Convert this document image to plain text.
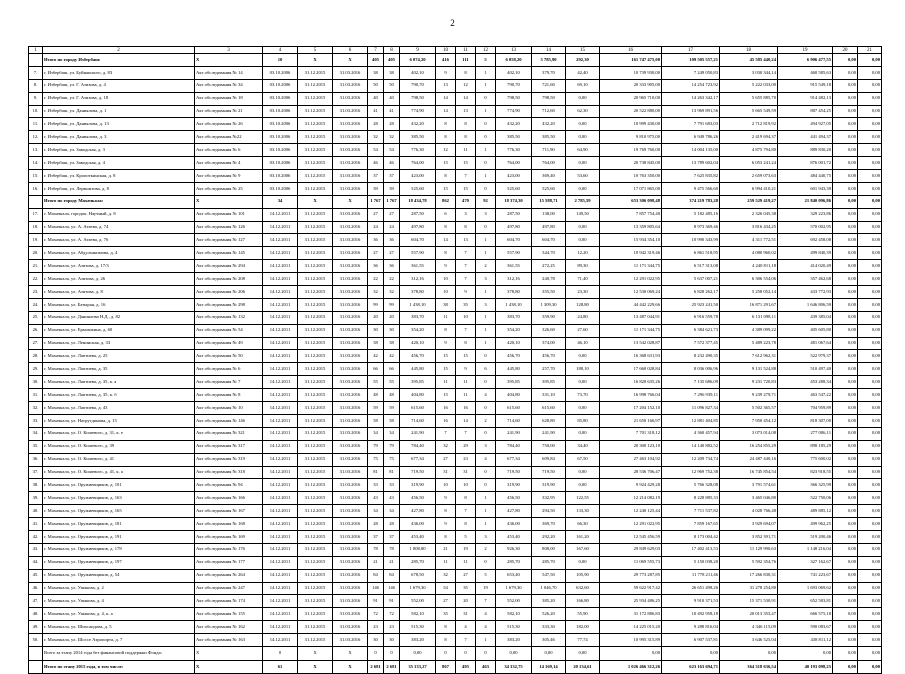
2
1	2	3	4	5	6	7	8	9	10	11	12	13	14	15	16	17	18	19	20	21
	Итого по городу Избербаш:	X	10	X	X	405	405	6 074,20	416	111	5	6 058,20	5 785,90	292,30	161 747 475,00	109 505 557,21	45 585 440,24	6 906 477,55	0,00	0,00
7.	г. Избербаш, ул. Буйнакского, д. 83	Акт обследования № 14	03.10.2006	31.12.2015	31.03.2016	38	38	402,10	9	8	1	402,10	379,70	42,40	10 739 930,00	7 249 050,83	3 030 344,14	460 585,63	0,00	0,00
8.	г. Избербаш, ул. Г. Азизова, д. 4	Акт обследования № 34	03.10.2006	31.12.2015	31.03.2016	50	50	790,70	13	12	1	790,70	721,60	69,10	20 333 905,00	14 254 723,92	5 222 033,00	915 549,18	0,00	0,00
9.	г. Избербаш, ул. Г. Азизова, д. 18	Акт обследования № 18	03.10.2006	31.12.2015	31.03.2016	40	40	798,50	14	14	0	798,50	798,50	0,00	20 965 710,00	14 263 342,17	5 655 885,70	914 482,13	0,00	0,00
10.	г. Избербаш, ул. Даниялова, д. 1	Акт обследования № 21	03.10.2006	31.12.2015	31.03.2016	41	41	774,90	14	13	1	774,90	712,60	62,30	20 522 880,00	13 969 891,56	5 665 549,59	887 454,25	0,00	0,00
11.	г. Избербаш, ул. Даниялова, д. 13	Акт обследования № 26	03.10.2006	31.12.2015	31.03.2016	28	28	432,20	8	8	0	432,20	432,20	0,00	10 999 430,00	7 791 683,03	2 712 819,92	494 927,05	0,00	0,00
12.	г. Избербаш, ул. Даниялова, д. 3	Акт обследования №22	03.10.2006	31.12.2015	31.03.2016	32	32	385,50	8	8	0	385,50	385,50	0,00	9 810 975,00	6 949 786,26	2 419 694,37	441 494,37	0,00	0,00
13.	г. Избербаш, ул. Заводская, д. 3	Акт обследования № 6	03.10.2006	31.12.2015	31.03.2016	54	54	776,30	12	11	1	776,30	711,90	64,90	19 769 760,00	14 004 135,00	4 875 794,80	889 830,20	0,00	0,00
14.	г. Избербаш, ул. Заводская, д. 4	Акт обследования № 4	03.10.2006	31.12.2015	31.03.2016	46	46	764,00	15	15	0	764,00	764,00	0,00	20 738 845,00	13 789 602,04	6 053 241,24	876 001,72	0,00	0,00
15.	г. Избербаш, ул. Кропоткинская, д. 8	Акт обследования № 9	03.10.2006	31.12.2015	31.03.2016	37	37	423,00	8	7	1	423,00	369,40	53,60	10 763 350,00	7 625 835,82	2 659 073,63	484 440,75	0,00	0,00
16.	г. Избербаш, ул. Лермонтова, д. 8	Акт обследования № 25	03.10.2006	31.12.2015	31.03.2016	39	39	525,60	15	15	0	525,60	525,60	0,00	17 071 865,00	9 475 566,60	6 994 410,21	601 943,39	0,00	0,00
	Итого по городу Махачкала:	X	34	X	X	1 767	1 767	18 434,78	862	470	92	18 374,30	15 588,71	2 785,59	653 306 098,48	374 219 783,28	259 529 419,27	21 840 096,86	0,00	0,00
17.	г. Махачкала, городок. Научный, д. 8	Акт обследования № 101	14.12.2011	31.12.2015	31.03.2016	27	27	287,50	6	3	3	287,50	138,00	149,50	7 857 754,40	5 182 485,16	2 326 045,38	329 223,86	0,00	0,00
18.	г. Махачкала, ул. А. Атаева, д. 74	Акт обследования № 126	14.12.2011	31.12.2015	31.03.2016	24	24	497,80	8	8	0	497,80	497,80	0,00	13 359 805,64	8 973 369,46	3 816 434,25	570 002,95	0,00	0,00
19.	г. Махачкала, ул. А. Атаева, д. 76	Акт обследования № 127	14.12.2011	31.12.2015	31.03.2016	36	36	604,70	14	13	1	604,70	604,70	0,00	15 934 354,10	10 990 343,99	4 311 772,51	692 458,08	0,00	0,00
20.	г. Махачкала, ул. Абдулхакимова, д. 4	Акт обследования № 145	14.12.2011	31.12.2015	31.03.2016	27	27	557,90	8	7	1	557,90	344,70	12,20	10 942 319,46	6 861 518,95	4 080 960,02	499 840,39	0,00	0,00
21.	г. Махачкала, ул. Азизова, д. 17/3	Акт обследования № 294	14.12.2011	31.12.2015	31.03.2016	36	36	361,55	9	7	2	361,55	272,25	89,30	11 171 344,75	6 517 313,08	4 240 811,18	414 020,49	0,00	0,00
22.	г. Махачкала, ул. Азизова, д. 26	Акт обследования № 208	14.12.2011	31.12.2015	31.03.2016	22	22	312,16	10	7	3	312,16	240,78	71,40	12 291 022,95	5 637 007,21	6 306 554,06	357 462,68	0,00	0,00
23.	г. Махачкала, ул. Азизова, д. 8	Акт обследования № 206	14.12.2011	31.12.2015	31.03.2016	32	32	378,80	10	9	1	378,80	355,50	23,30	12 530 069,24	6 828 262,17	5 258 052,14	433 772,93	0,00	0,00
24.	г. Махачкала, ул. Батырая, д. 16	Акт обследования № 298	14.12.2011	31.12.2015	31.03.2016	99	99	1 438,10	38	35	3	1 438,10	1 309,30	128,80	44 442 229,66	25 923 241,50	16 871 291,67	1 646 806,59	0,00	0,00
25.	г. Махачкала, ул. Даниялова Н.Д., д. 82	Акт обследования № 132	14.12.2011	31.12.2015	31.03.2016	20	20	383,70	11	10	1	383,70	359,90	24,80	13 487 044,91	6 916 559,78	6 131 098,11	439 385,04	0,00	0,00
26.	г. Махачкала, ул. Ермошкина, д. 60	Акт обследования № 54	14.12.2011	31.12.2015	31.03.2016	30	30	354,20	8	7	1	354,20	326,60	27,60	11 171 344,75	6 384 621,73	4 389 099,22	405 605,80	0,00	0,00
27.	г. Махачкала, ул. Ленинская, д. 33	Акт обследования № 49	14.12.2011	31.12.2015	31.03.2016	38	38	420,10	9	8	1	420,10	374,00	46,10	13 542 028,87	7 572 377,45	5 489 223,78	481 067,64	0,00	0,00
28.	г. Махачкала, ул. Лаптиева, д. 25	Акт обследования № 50	14.12.2011	31.12.2015	31.03.2016	42	42	456,70	15	15	0	456,70	456,70	0,00	16 368 631,93	8 232 490,35	7 612 962,31	522 979,37	0,00	0,00
29.	г. Махачкала, ул. Лаптиева, д. 35	Акт обследования № 6	14.12.2011	31.12.2015	31.03.2016	66	66	445,80	15	9	6	445,80	257,70	188,10	17 660 028,84	8 036 006,96	9 131 524,88	510 497,40	0,00	0,00
30.	г. Махачкала, ул. Лаптиева, д. 35, к. а	Акт обследования № 7	14.12.2011	31.12.2015	31.03.2016	55	55	395,85	11	11	0	395,85	395,85	0,00	16 820 635,26	7 135 686,09	9 231 720,83	453 288,34	0,00	0,00
31.	г. Махачкала, ул. Лаптиева, д. 35, к. б	Акт обследования № 8	14.12.2011	31.12.2015	31.03.2016	48	48	404,80	15	11	4	404,80	331,10	73,70	16 998 766,04	7 296 939,11	9 239 279,71	463 547,22	0,00	0,00
32.	г. Махачкала, ул. Лаптиева, д. 43	Акт обследования № 10	14.12.2011	31.12.2015	31.03.2016	59	59	615,60	16	16	0	615,60	615,60	0,00	17 204 152,10	11 096 827,34	5 502 365,57	704 959,89	0,00	0,00
33.	г. Махачкала, ул. Насрутдинова, д. 15	Акт обследования № 146	14.12.2011	31.12.2015	31.03.2016	58	58	714,60	16	14	2	714,60	628,80	85,80	21 650 166,97	12 881 404,85	7 950 454,12	818 307,00	0,00	0,00
34.	г. Махачкала, ул. О. Кошевого, д. 31, к. е	Акт обследования № 321	14.12.2011	31.12.2015	31.03.2016	34	34	241,90	7	7	0	241,90	241,90	0,00	7 701 318,12	4 360 457,94	3 073 014,08	277 006,11	0,00	0,00
35.	г. Махачкала, ул. О. Кошевого, д. 39	Акт обследования № 317	14.12.2011	31.12.2015	31.03.2016	79	79	784,40	32	29	3	784,40	750,00	34,40	20 300 123,10	14 140 882,52	16 254 855,29	898 185,29	0,00	0,00
36.	г. Махачкала, ул. О. Кошевого, д. 41	Акт обследования № 319	14.12.2011	31.12.2015	31.03.2016	75	75	677,34	27	23	4	677,34	609,84	67,50	27 463 104,92	12 209 734,74	24 487 440,16	775 600,02	0,00	0,00
37.	г. Махачкала, ул. О. Кошевого, д. 41, к. а	Акт обследования № 318	14.12.2011	31.12.2015	31.03.2016	81	81	719,50	31	31	0	719,50	719,50	0,00	28 536 706,47	12 969 752,38	16 745 854,54	823 918,55	0,00	0,00
38.	г. Махачкала, ул. Оружиевщиков, д. 101	Акт обследования № 94	14.12.2011	31.12.2015	31.03.2016	33	33	319,90	10	10	0	319,90	319,90	0,00	9 924 429,28	5 766 328,08	3 791 574,61	366 325,99	0,00	0,00
39.	г. Махачкала, ул. Оружиевщиков, д. 163	Акт обследования № 166	14.12.2011	31.12.2015	31.03.2016	43	43	456,50	9	8	1	456,50	332,95	122,55	12 214 082,19	8 228 885,33	3 465 046,80	522 750,06	0,00	0,00
40.	г. Махачкала, ул. Оружиевщиков, д. 165	Акт обследования № 167	14.12.2011	31.12.2015	31.03.2016	34	34	427,80	8	7	1	427,80	294,50	133,30	12 240 125,44	7 711 537,82	4 028 766,48	489 885,12	0,00	0,00
41.	г. Махачкала, ул. Оружиевщиков, д. 181	Акт обследования № 168	14.12.2011	31.12.2015	31.03.2016	28	28	436,00	9	8	1	436,00	369,70	66,30	12 291 022,95	7 859 167,65	3 929 694,07	499 962,25	0,00	0,00
42.	г. Махачкала, ул. Оружиевщиков, д. 191	Акт обследования № 169	14.12.2011	31.12.2015	31.03.2016	37	37	453,40	8	5	3	453,40	292,20	161,20	12 545 456,59	8 173 004,42	3 852 391,71	519 200,46	0,00	0,00
43.	г. Махачкала, ул. Оружиевщиков, д. 178	Акт обследования № 176	14.12.2011	31.12.2015	31.03.2016	78	78	1 008,80	21	19	2	926,30	808,00	167,60	29 849 629,03	17 402 413,53	11 129 990,63	1 148 216,04	0,00	0,00
44.	г. Махачкала, ул. Оружиевщиков, д. 197	Акт обследования № 177	14.12.2011	31.12.2015	31.03.2016	21	21	285,70	11	11	0	285,70	285,70	0,00	11 069 555,73	5 150 038,20	5 592 354,76	327 162,67	0,00	0,00
45.	г. Махачкала, ул. Оружиевщиков, д. 54	Акт обследования № 264	14.12.2011	31.12.2015	31.03.2016	84	84	678,50	32	27	5	653,40	547,50	105,90	29 773 287,85	11 778 211,46	17 266 830,31	741 223,67	0,00	0,00
46.	г. Махачкала, ул. Ушакова, д. 2	Акт обследования № 247	14.12.2011	31.12.2015	31.03.2016	146	146	1 679,30	54	35	19	1 679,30	1 046,70	632,60	59 622 917,42	26 651 498,26	31 278 254,80	1 693 069,62	0,00	0,00
47.	г. Махачкала, ул. Ушакова, д. 4	Акт обследования № 174	14.12.2011	31.12.2015	31.03.2016	91	91	552,00	27	20	7	552,00	385,20	166,80	25 934 486,25	9 910 371,53	15 371 530,91	652 583,81	0,00	0,00
48.	г. Махачкала, ул. Ушакова, д. 4, к. а	Акт обследования № 155	14.12.2011	31.12.2015	31.03.2016	72	72	582,10	35	31	4	582,10	526,20	55,90	31 172 886,83	10 492 958,18	20 013 353,47	666 575,18	0,00	0,00
49.	г. Махачкала, ул. Шихсаидова, д. 5	Акт обследования № 162	14.12.2011	31.12.2015	31.03.2016	23	23	515,30	8	4	4	515,30	333,30	182,00	14 225 015,20	9 288 816,04	4 346 115,09	590 083,67	0,00	0,00
50.	г. Махачкала, ул. Шоссе Аэропорта, д. 7	Акт обследования № 163	14.12.2011	31.12.2015	31.03.2016	30	30	383,20	8	7	1	383,20	305,46	77,74	10 995 315,89	6 907 537,81	3 646 525,04	438 811,12	0,00	0,00
	Всего за этапу 2014 года без финансовой поддержки Фонда:	X	0	X	X	0	0	0,00	0	0	0	0,00	0,00	0,00	0,00	0,00	0,00	0,00	0,00	0,00
	Итого по этапу 2015 года, в том числе:	X	61	X	X	2 681	2 681	35 133,27	867	495	463	34 332,75	14 169,14	20 134,61	1 026 466 312,26	623 163 694,71	364 318 636,54	40 193 098,25	0,00	0,00
